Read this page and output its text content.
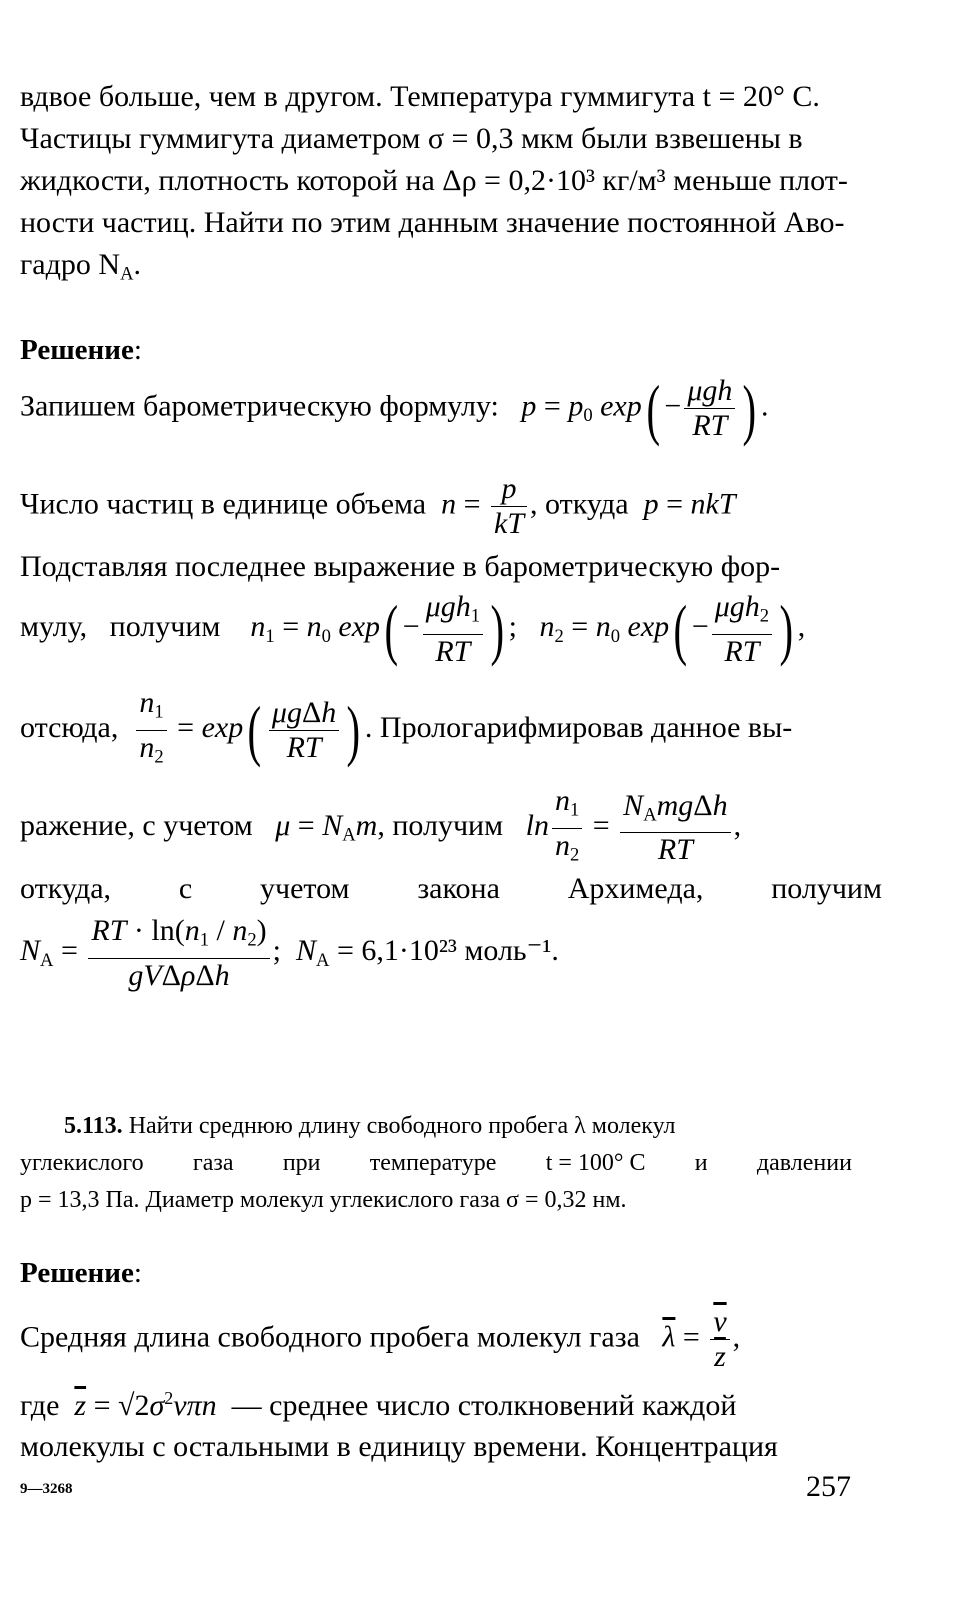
вдвое больше, чем в другом. Температура гуммигута t = 20° С.
Частицы гуммигута диаметром σ = 0,3 мкм были взвешены в
жидкости, плотность которой на Δρ = 0,2·10³ кг/м³ меньше плот-
ности частиц. Найти по этим данным значение постоянной Аво-
гадро $N_А$.
Решение:
Запишем барометрическую формулу: $p = p_0$ $\exp( - \frac{\text{μgh}}{RT}$ ) .
Число частиц в единице объема $n = \frac{p}{kT}$ , откуда p = nkT
Подставляя последнее выражение в барометрическую фор-
мулу, получим $n_1 = n_0$ $\exp( - \frac{\mu gh_1}{RT}$ ) ;   $n_2 = n_0$ $\exp( - \frac{\mu gh_2}{RT}$ ) ,
отсюда, $\frac{n_1}{n_2} = \exp( \frac{\text{μgΔh}}{RT}$ ) . Прологарифмировав данное вы-
ражение, с учетом $\mu = N_Аm$, получим $\ln \frac{n_1}{n_2} = \frac{N_Аmg\Delta h}{RT}$ ,
откуда, с учетом закона Архимеда, получим
$N_А = \frac{RT \cdot \ln(n_1 / n_2)}{\text{gVΔρΔh}}$ ;  $N_А = 6,1\cdot 10^{23}$ моль⁻¹.
5.113. Найти среднюю длину свободного пробега λ молекул
углекислого газа при температуре t = 100° С и давлении
p = 13,3 Па. Диаметр молекул углекислого газа σ = 0,32 нм.
Решение:
Средняя длина свободного пробега молекул газа $\overline{\lambda} = \frac{\overline{v}}{z}$ ,
где $\overline{z} = √2\sigma^2v\pi n$ — среднее число столкновений каждой
молекулы с остальными в единицу времени. Концентрация
9—3268	257
